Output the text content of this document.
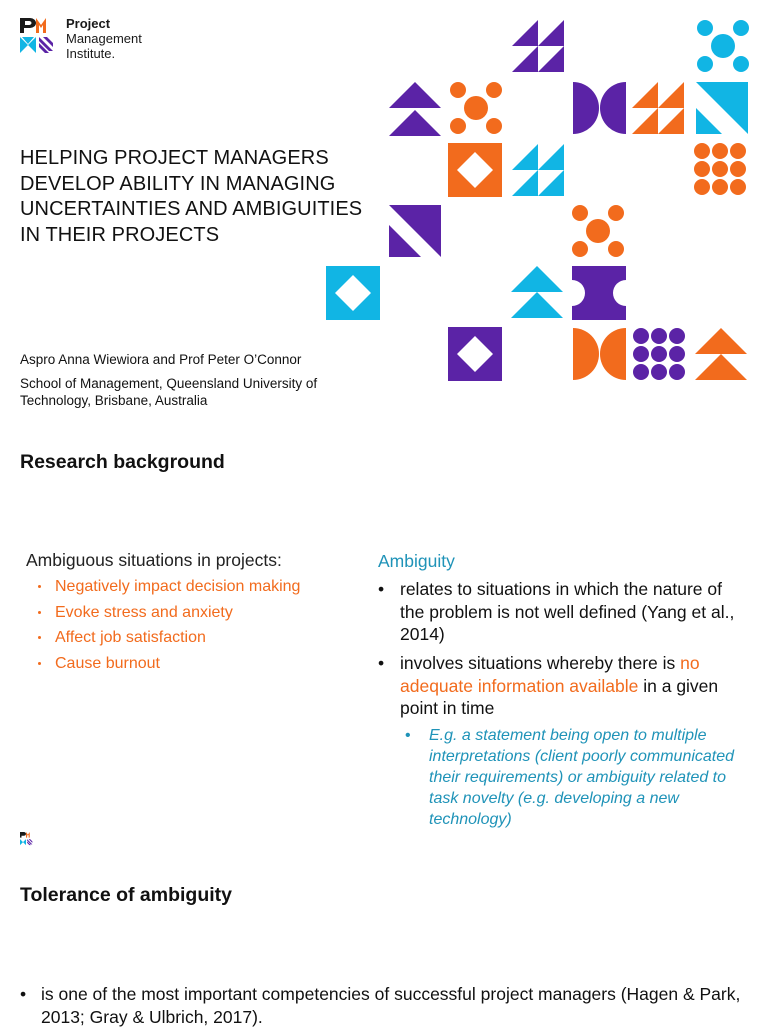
Project
Management
Institute.
HELPING PROJECT MANAGERS DEVELOP ABILITY IN MANAGING UNCERTAINTIES AND AMBIGUITIES IN THEIR PROJECTS
Aspro Anna Wiewiora and Prof Peter O’Connor
School of Management, Queensland University of Technology, Brisbane, Australia
Research background
Ambiguous situations in projects:
Negatively impact decision making
Evoke stress and anxiety
Affect job satisfaction
Cause burnout
Ambiguity
• relates to situations in which the nature of the problem is not well defined (Yang et al., 2014)
• involves situations whereby there is no adequate information available in a given point in time
•	E.g. a statement being open to multiple interpretations (client poorly communicated their requirements) or ambiguity related to task novelty (e.g. developing a new technology)
Tolerance of ambiguity
• is one of the most important competencies of successful project managers (Hagen & Park, 2013; Gray & Ulbrich, 2017).
